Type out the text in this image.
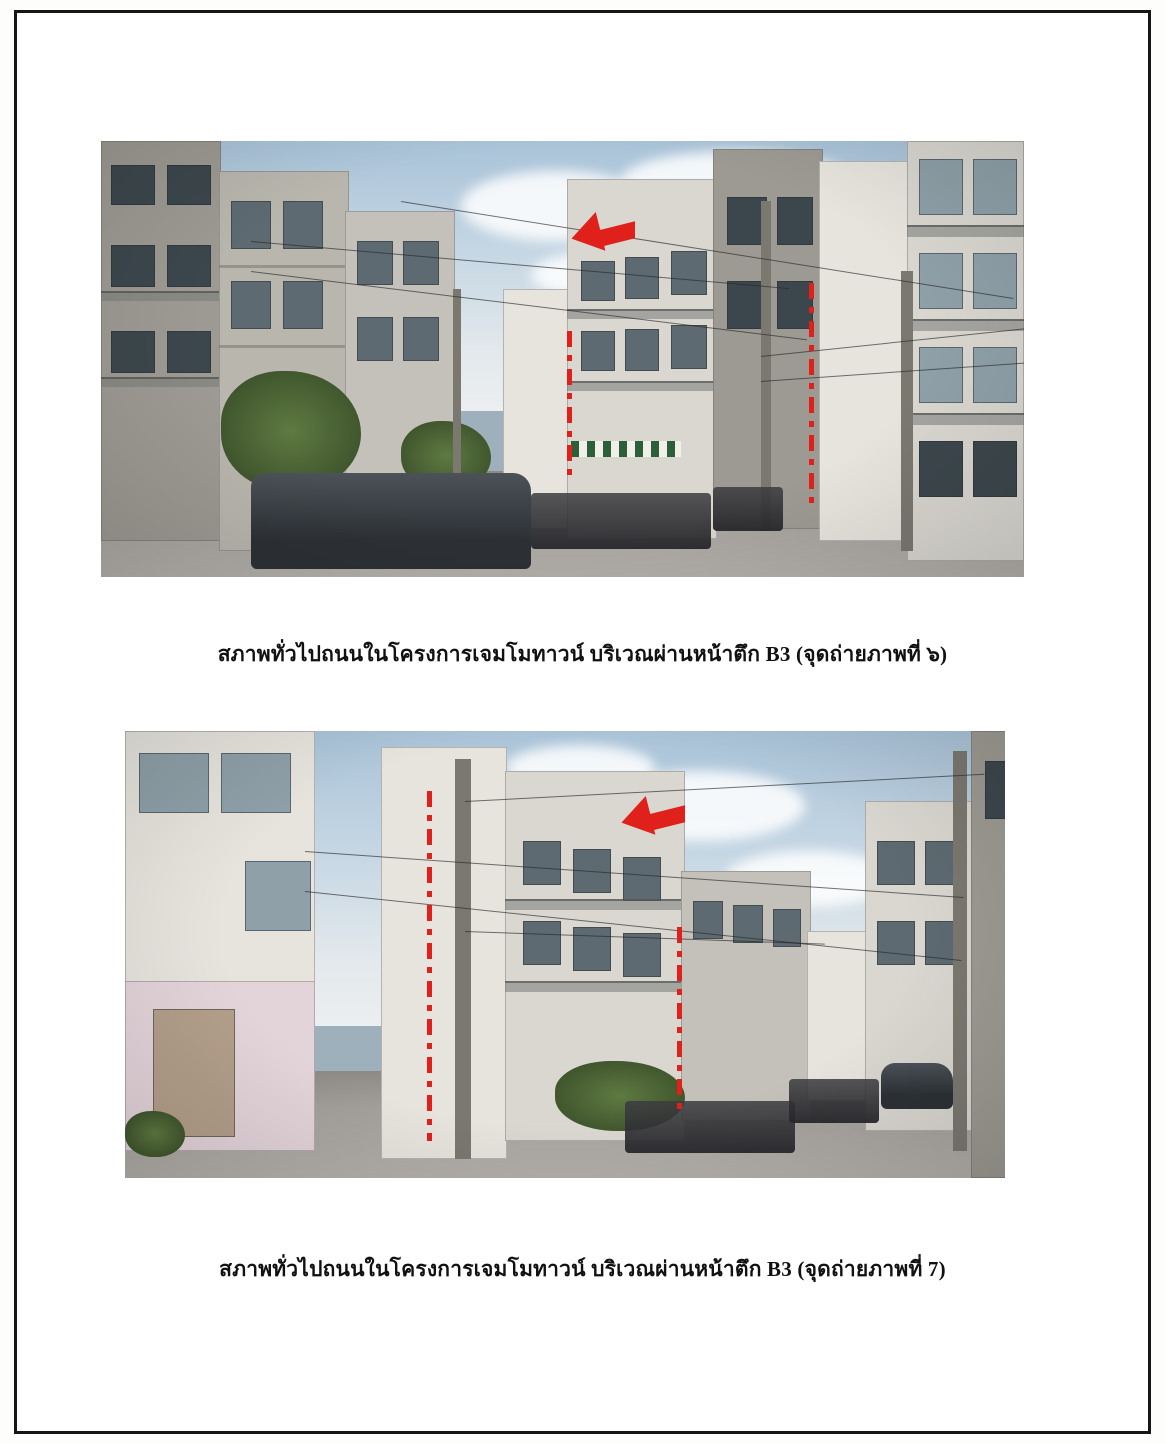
สภาพทั่วไปถนนในโครงการเจมโมทาวน์ บริเวณผ่านหน้าตึก B3 (จุดถ่ายภาพที่ ๖)
สภาพทั่วไปถนนในโครงการเจมโมทาวน์ บริเวณผ่านหน้าตึก B3 (จุดถ่ายภาพที่ 7)
